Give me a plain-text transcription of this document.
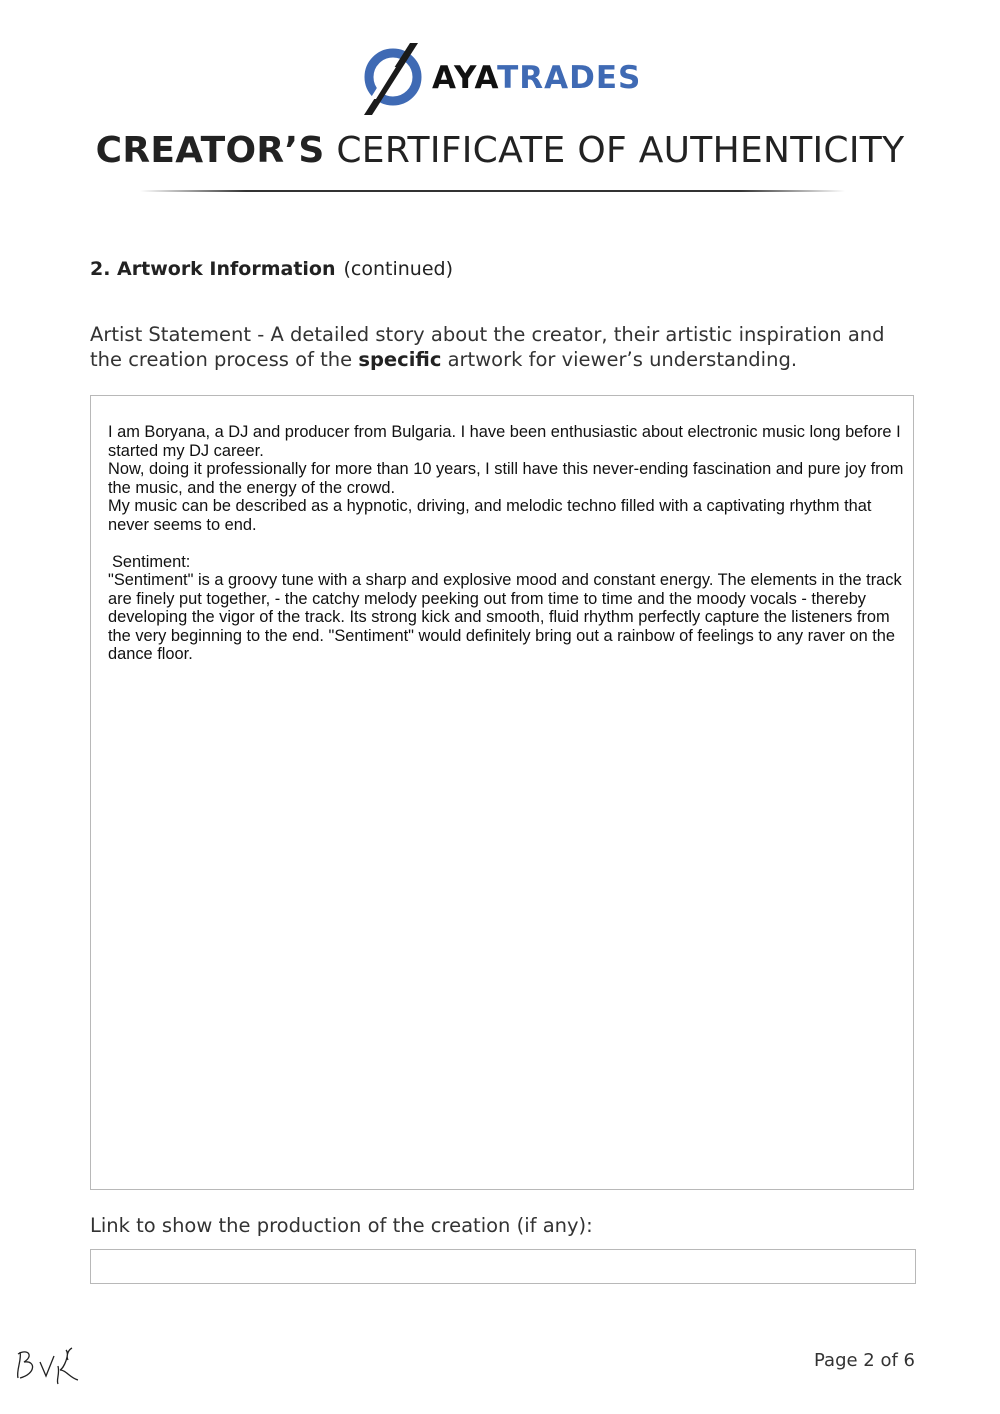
AYATRADES
CREATOR’S CERTIFICATE OF AUTHENTICITY
2. Artwork Information (continued)
Artist Statement - A detailed story about the creator, their artistic inspiration and the creation process of the specific artwork for viewer’s understanding.

I am Boryana, a DJ and producer from Bulgaria. I have been enthusiastic about electronic music long before I started my DJ career.

Now, doing it professionally for more than 10 years, I still have this never-ending fascination and pure joy from the music, and the energy of the crowd.

My music can be described as a hypnotic, driving, and melodic techno filled with a captivating rhythm that never seems to end.

Sentiment:

"Sentiment" is a groovy tune with a sharp and explosive mood and constant energy. The elements in the track are finely put together, - the catchy melody peeking out from time to time and the moody vocals - thereby developing the vigor of the track. Its strong kick and smooth, fluid rhythm perfectly capture the listeners from the very beginning to the end. "Sentiment" would definitely bring out a rainbow of feelings to any raver on the dance floor.

Link to show the production of the creation (if any):
Page 2 of 6
